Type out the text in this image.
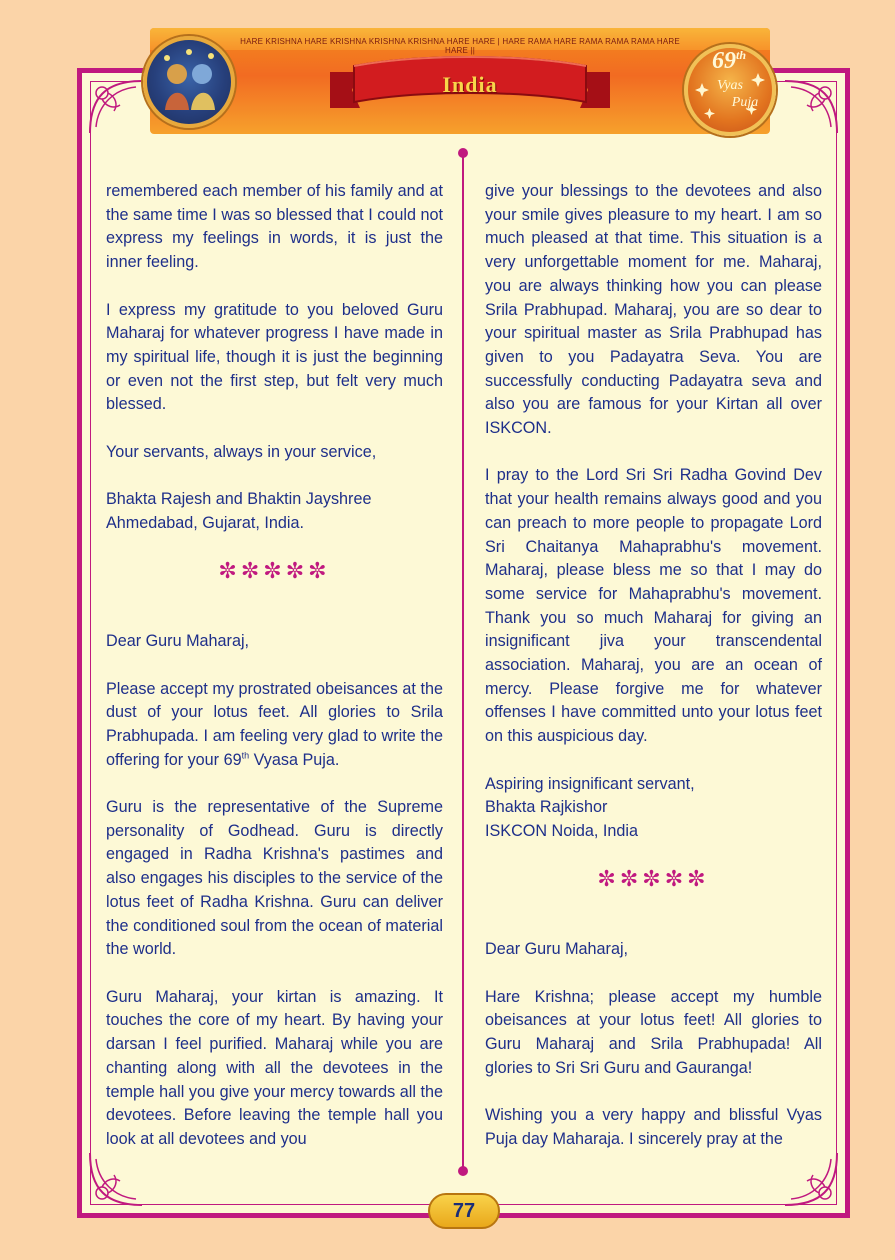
HARE KRISHNA HARE KRISHNA KRISHNA KRISHNA HARE HARE | HARE RAMA HARE RAMA RAMA RAMA HARE HARE ||
India
69th
Vyas
Puja

remembered each member of his family and at the same time I was so blessed that I could not express my feelings in words, it is just the inner feeling.

I express my gratitude to you beloved Guru Maharaj for whatever progress I have made in my spiritual life, though it is just the beginning or even not the first step, but felt very much blessed.

Your servants, always in your service,

Bhakta Rajesh and Bhaktin Jayshree

Ahmedabad, Gujarat, India.

✼✼✼✼✼

Dear Guru Maharaj,

Please accept my prostrated obeisances at the dust of your lotus feet. All glories to Srila Prabhupada. I am feeling very glad to write the offering for your 69th Vyasa Puja.

Guru is the representative of the Supreme personality of Godhead. Guru is directly engaged in Radha Krishna's pastimes and also engages his disciples to the service of the lotus feet of Radha Krishna. Guru can deliver the conditioned soul from the ocean of material the world.

Guru Maharaj, your kirtan is amazing. It touches the core of my heart. By having your darsan I feel purified. Maharaj while you are chanting along with all the devotees in the temple hall you give your mercy towards all the devotees. Before leaving the temple hall you look at all devotees and you

give your blessings to the devotees and also your smile gives pleasure to my heart. I am so much pleased at that time. This situation is a very unforgettable moment for me. Maharaj, you are always thinking how you can please Srila Prabhupad. Maharaj, you are so dear to your spiritual master as Srila Prabhupad has given to you Padayatra Seva. You are successfully conducting Padayatra seva and also you are famous for your Kirtan all over ISKCON.

I pray to the Lord Sri Sri Radha Govind Dev that your health remains always good and you can preach to more people to propagate Lord Sri Chaitanya Mahaprabhu's movement. Maharaj, please bless me so that I may do some service for Mahaprabhu's movement. Thank you so much Maharaj for giving an insignificant jiva your transcendental association. Maharaj, you are an ocean of mercy. Please forgive me for whatever offenses I have committed unto your lotus feet on this auspicious day.

Aspiring insignificant servant,

Bhakta Rajkishor

ISKCON Noida, India

✼✼✼✼✼

Dear Guru Maharaj,

Hare Krishna; please accept my humble obeisances at your lotus feet! All glories to Guru Maharaj and Srila Prabhupada! All glories to Sri Sri Guru and Gauranga!

Wishing you a very happy and blissful Vyas Puja day Maharaja. I sincerely pray at the

77
